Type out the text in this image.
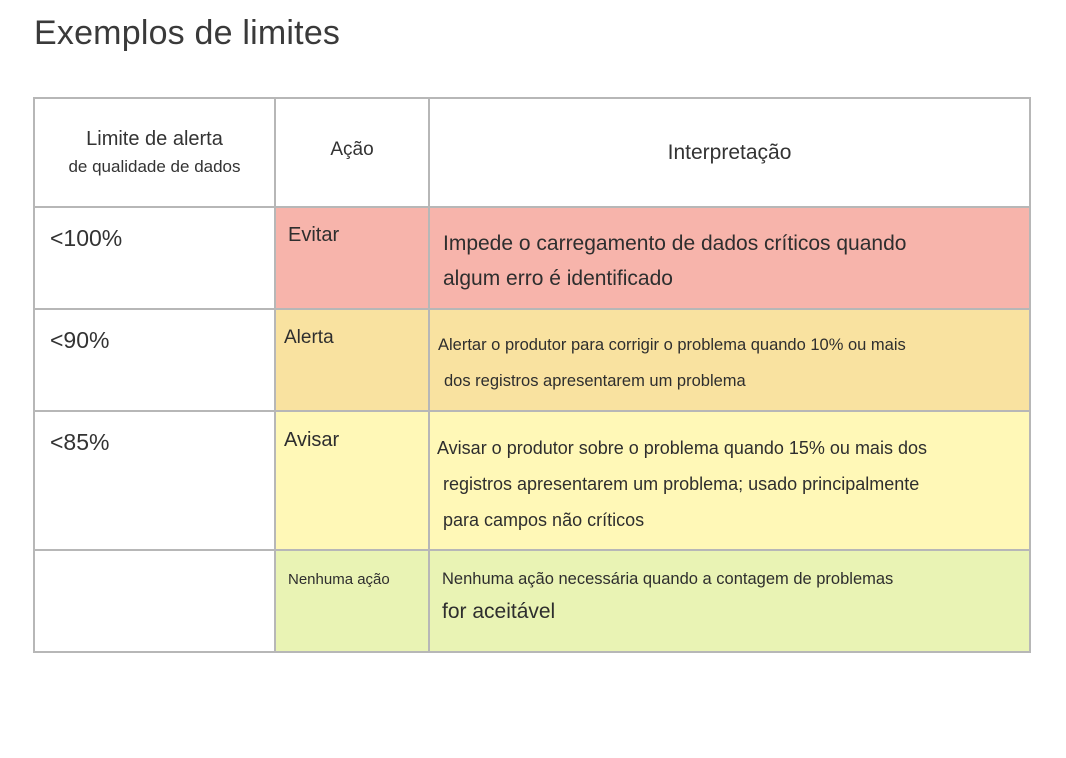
Exemplos de limites
Limite de alerta
de qualidade de dados	Ação	Interpretação

<100%	Evitar	Impede o carregamento de dados críticos quando
algum erro é identificado

<90%	Alerta	Alertar o produtor para corrigir o problema quando 10% ou mais
dos registros apresentarem um problema

<85%	Avisar	Avisar o produtor sobre o problema quando 15% ou mais dos
registros apresentarem um problema; usado principalmente
para campos não críticos

	Nenhuma ação	Nenhuma ação necessária quando a contagem de problemas
for aceitável
